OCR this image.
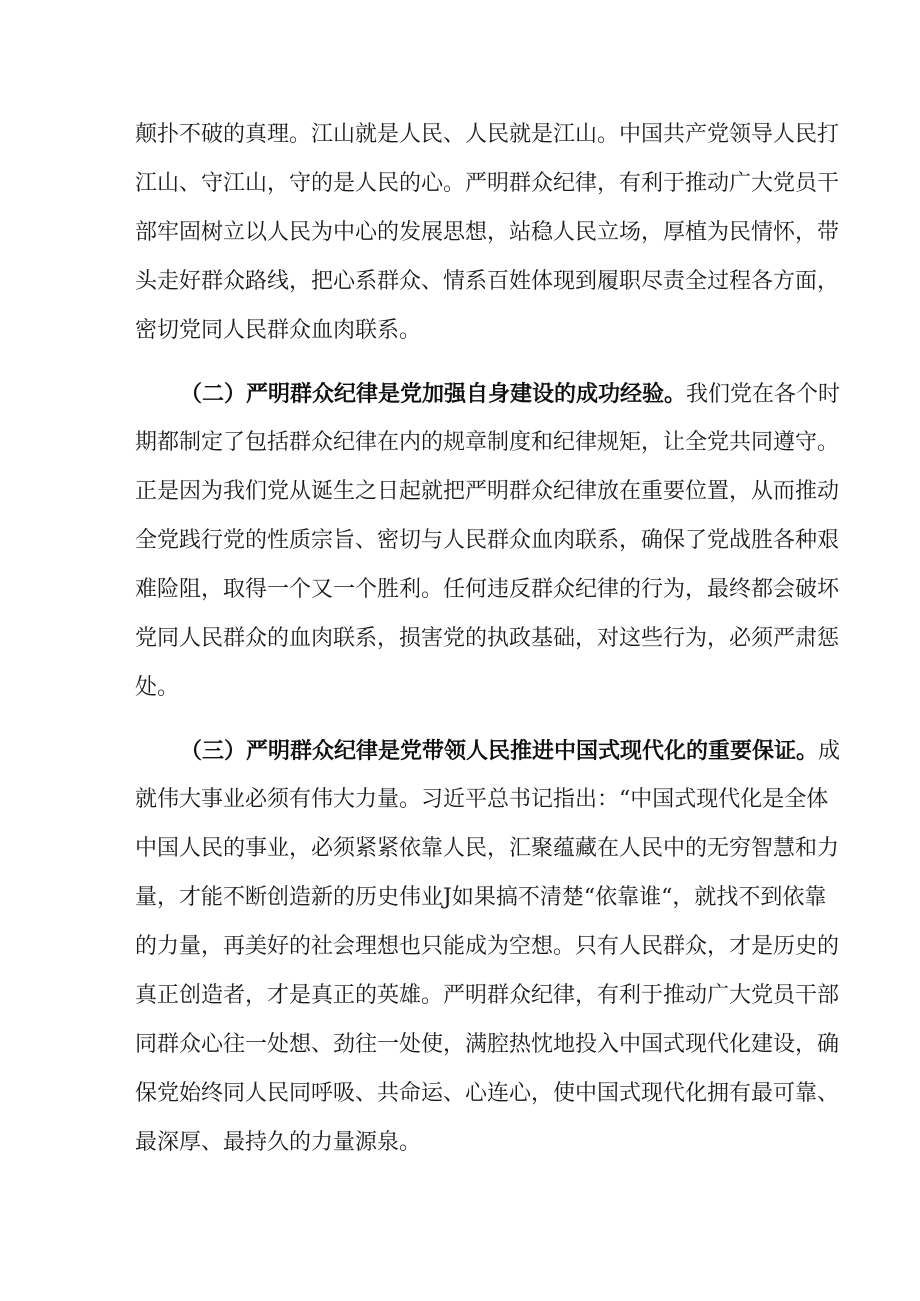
颠扑不破的真理。江山就是人民、人民就是江山。中国共产党领导人民打
江山、守江山，守的是人民的心。严明群众纪律，有利于推动广大党员干
部牢固树立以人民为中心的发展思想，站稳人民立场，厚植为民情怀，带
头走好群众路线，把心系群众、情系百姓体现到履职尽责全过程各方面，
密切党同人民群众血肉联系。
（二）严明群众纪律是党加强自身建设的成功经验。我们党在各个时
期都制定了包括群众纪律在内的规章制度和纪律规矩，让全党共同遵守。
正是因为我们党从诞生之日起就把严明群众纪律放在重要位置，从而推动
全党践行党的性质宗旨、密切与人民群众血肉联系，确保了党战胜各种艰
难险阻，取得一个又一个胜利。任何违反群众纪律的行为，最终都会破坏
党同人民群众的血肉联系，损害党的执政基础，对这些行为，必须严肃惩
处。
（三）严明群众纪律是党带领人民推进中国式现代化的重要保证。成
就伟大事业必须有伟大力量。习近平总书记指出：“中国式现代化是全体
中国人民的事业，必须紧紧依靠人民，汇聚蕴藏在人民中的无穷智慧和力
量，才能不断创造新的历史伟业J如果搞不清楚“依靠谁“，就找不到依靠
的力量，再美好的社会理想也只能成为空想。只有人民群众，才是历史的
真正创造者，才是真正的英雄。严明群众纪律，有利于推动广大党员干部
同群众心往一处想、劲往一处使，满腔热忱地投入中国式现代化建设，确
保党始终同人民同呼吸、共命运、心连心，使中国式现代化拥有最可靠、
最深厚、最持久的力量源泉。
